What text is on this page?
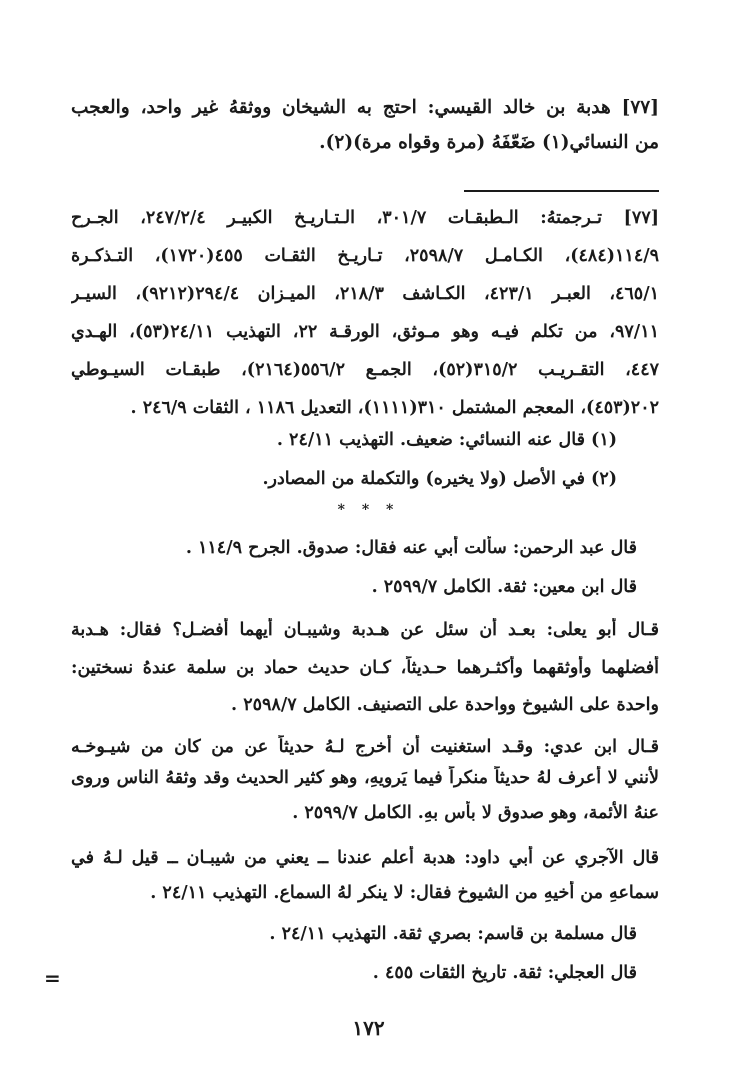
[٧٧] هدبة بن خالد القيسي: احتج به الشيخان ووثقهُ غير واحد، والعجب
من النسائي(١) ضَعّفَهُ (مرة وقواه مرة)(٢).
[٧٧] تـرجمتهُ: الـطبقـات ٣٠١/٧، الـتـاريـخ الكبيـر ٢٤٧/٢/٤، الجـرح
١١٤/٩(٤٨٤)، الكـامـل ٢٥٩٨/٧، تـاريـخ الثقـات ٤٥٥(١٧٢٠)، التـذكـرة
٤٦٥/١، العبـر ٤٢٣/١، الكـاشف ٢١٨/٣، الميـزان ٢٩٤/٤(٩٢١٢)، السيـر
٩٧/١١، من تكلم فيـه وهو مـوثق، الورقـة ٢٢، التهذيب ٢٤/١١(٥٣)، الهـدي
٤٤٧، التقـريـب ٣١٥/٢(٥٢)، الجمـع ٥٥٦/٢(٢١٦٤)، طبقـات السيـوطي
٢٠٢(٤٥٣)، المعجم المشتمل ٣١٠(١١١١)، التعديل ١١٨٦ ، الثقات ٢٤٦/٩ .
(١) قال عنه النسائي: ضعيف. التهذيب ٢٤/١١ .
(٢) في الأصل (ولا يخيره) والتكملة من المصادر.
* * *
قال عبد الرحمن: سألت أبي عنه فقال: صدوق. الجرح ١١٤/٩ .
قال ابن معين: ثقة. الكامل ٢٥٩٩/٧ .
قـال أبو يعلى: بعـد أن سئل عن هـدبة وشيبـان أيهما أفضـل؟ فقال: هـدبة
أفضلهما وأوثقهما وأكثـرهما حـديثاً، كـان حديث حماد بن سلمة عندهُ نسختين:
واحدة على الشيوخ وواحدة على التصنيف. الكامل ٢٥٩٨/٧ .
قـال ابن عدي: وقـد استغنيت أن أخرج لـهُ حديثاً عن من كان من شيـوخـه
لأنني لا أعرف لهُ حديثاً منكراً فيما يَرويهِ، وهو كثير الحديث وقد وثقهُ الناس وروى
عنهُ الأئمة، وهو صدوق لا بأس بهِ. الكامل ٢٥٩٩/٧ .
قال الآجري عن أبي داود: هدبة أعلم عندنا ــ يعني من شيبـان ــ قيل لـهُ في
سماعهِ من أخيهِ من الشيوخ فقال: لا ينكر لهُ السماع. التهذيب ٢٤/١١ .
قال مسلمة بن قاسم: بصري ثقة. التهذيب ٢٤/١١ .
قال العجلي: ثقة. تاريخ الثقات ٤٥٥ .
=
١٧٢
